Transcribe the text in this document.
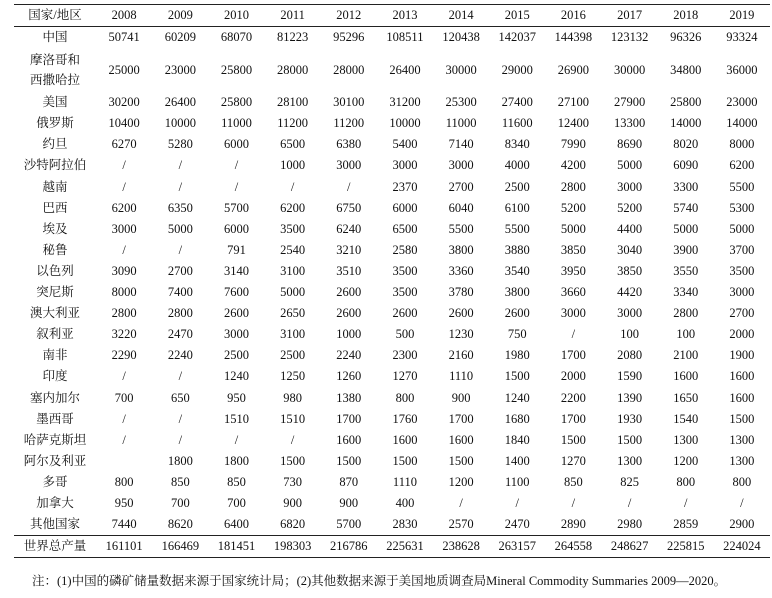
国家/地区	2008	2009	2010	2011	2012	2013	2014	2015	2016	2017	2018	2019
中国	50741	60209	68070	81223	95296	108511	120438	142037	144398	123132	96326	93324

摩洛哥和
西撒哈拉	25000	23000	25800	28000	28000	26400	30000	29000	26900	30000	34800	36000
美国	30200	26400	25800	28100	30100	31200	25300	27400	27100	27900	25800	23000
俄罗斯	10400	10000	11000	11200	11200	10000	11000	11600	12400	13300	14000	14000
约旦	6270	5280	6000	6500	6380	5400	7140	8340	7990	8690	8020	8000
沙特阿拉伯	/	/	/	1000	3000	3000	3000	4000	4200	5000	6090	6200
越南	/	/	/	/	/	2370	2700	2500	2800	3000	3300	5500
巴西	6200	6350	5700	6200	6750	6000	6040	6100	5200	5200	5740	5300
埃及	3000	5000	6000	3500	6240	6500	5500	5500	5000	4400	5000	5000
秘鲁	/	/	791	2540	3210	2580	3800	3880	3850	3040	3900	3700
以色列	3090	2700	3140	3100	3510	3500	3360	3540	3950	3850	3550	3500
突尼斯	8000	7400	7600	5000	2600	3500	3780	3800	3660	4420	3340	3000
澳大利亚	2800	2800	2600	2650	2600	2600	2600	2600	3000	3000	2800	2700
叙利亚	3220	2470	3000	3100	1000	500	1230	750	/	100	100	2000
南非	2290	2240	2500	2500	2240	2300	2160	1980	1700	2080	2100	1900
印度	/	/	1240	1250	1260	1270	1110	1500	2000	1590	1600	1600
塞内加尔	700	650	950	980	1380	800	900	1240	2200	1390	1650	1600
墨西哥	/	/	1510	1510	1700	1760	1700	1680	1700	1930	1540	1500
哈萨克斯坦	/	/	/	/	1600	1600	1600	1840	1500	1500	1300	1300
阿尔及利亚		1800	1800	1500	1500	1500	1500	1400	1270	1300	1200	1300
多哥	800	850	850	730	870	1110	1200	1100	850	825	800	800
加拿大	950	700	700	900	900	400	/	/	/	/	/	/
其他国家	7440	8620	6400	6820	5700	2830	2570	2470	2890	2980	2859	2900
世界总产量	161101	166469	181451	198303	216786	225631	238628	263157	264558	248627	225815	224024
注：(1)中国的磷矿储量数据来源于国家统计局；(2)其他数据来源于美国地质调查局Mineral Commodity Summaries 2009—2020。
